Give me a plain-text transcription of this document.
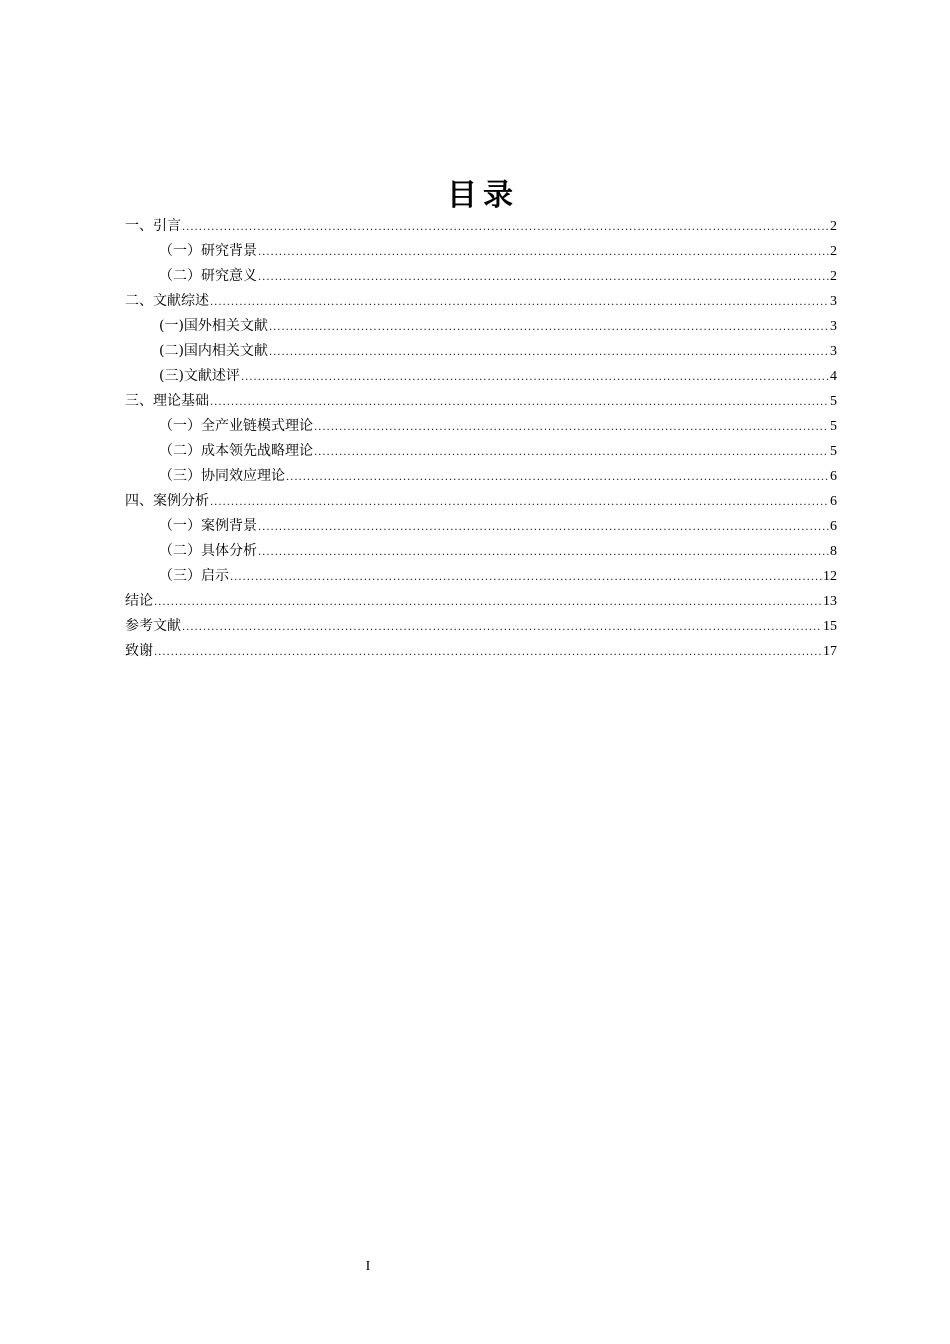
目录
一、引言 .....	2
（一）研究背景 .....	2
（二）研究意义 .....	2
二、文献综述 .....	3
(一)国外相关文献 .....	3
(二)国内相关文献 .....	3
(三)文献述评 .....	4
三、理论基础 .....	5
（一）全产业链模式理论 .....	5
（二）成本领先战略理论 .....	5
（三）协同效应理论 .....	6
四、案例分析 .....	6
（一）案例背景 .....	6
（二）具体分析 .....	8
（三）启示 .....	12
结论 .....	13
参考文献 .....	15
致谢 .....	17
I
